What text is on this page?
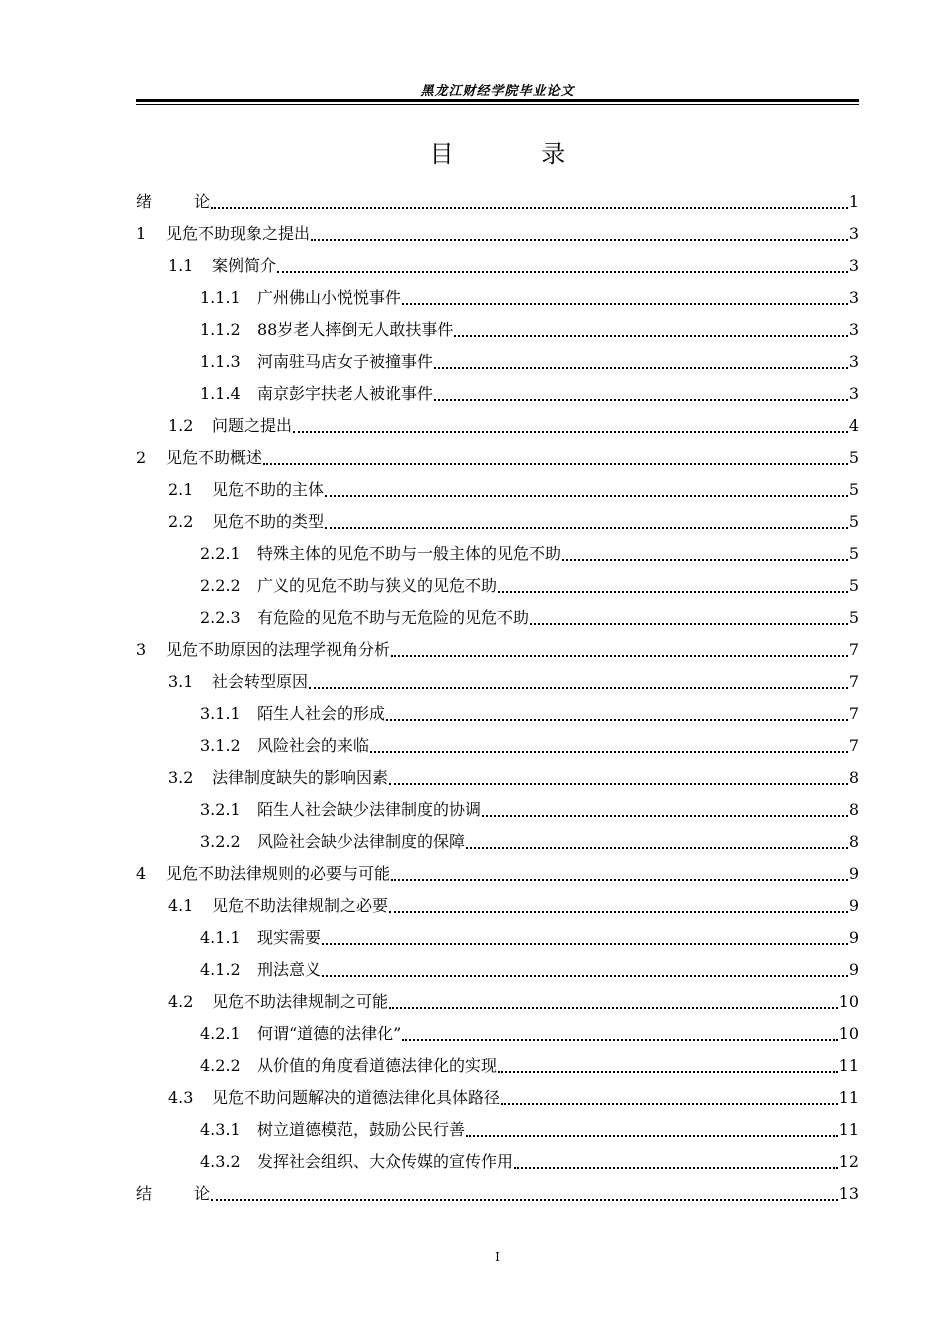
黑龙江财经学院毕业论文
目 录
绪	论	1
1	见危不助现象之提出	3
1.1	案例简介	3
1.1.1	广州佛山小悦悦事件	3
1.1.2	88岁老人摔倒无人敢扶事件	3
1.1.3	河南驻马店女子被撞事件	3
1.1.4	南京彭宇扶老人被讹事件	3
1.2	问题之提出	4
2	见危不助概述	5
2.1	见危不助的主体	5
2.2	见危不助的类型	5
2.2.1	特殊主体的见危不助与一般主体的见危不助	5
2.2.2	广义的见危不助与狭义的见危不助	5
2.2.3	有危险的见危不助与无危险的见危不助	5
3	见危不助原因的法理学视角分析	7
3.1	社会转型原因	7
3.1.1	陌生人社会的形成	7
3.1.2	风险社会的来临	7
3.2	法律制度缺失的影响因素	8
3.2.1	陌生人社会缺少法律制度的协调	8
3.2.2	风险社会缺少法律制度的保障	8
4	见危不助法律规则的必要与可能	9
4.1	见危不助法律规制之必要	9
4.1.1	现实需要	9
4.1.2	刑法意义	9
4.2	见危不助法律规制之可能	10
4.2.1	何谓“道德的法律化”	10
4.2.2	从价值的角度看道德法律化的实现	11
4.3	见危不助问题解决的道德法律化具体路径	11
4.3.1	树立道德模范，鼓励公民行善	11
4.3.2	发挥社会组织、大众传媒的宣传作用	12
结	论	13
I
